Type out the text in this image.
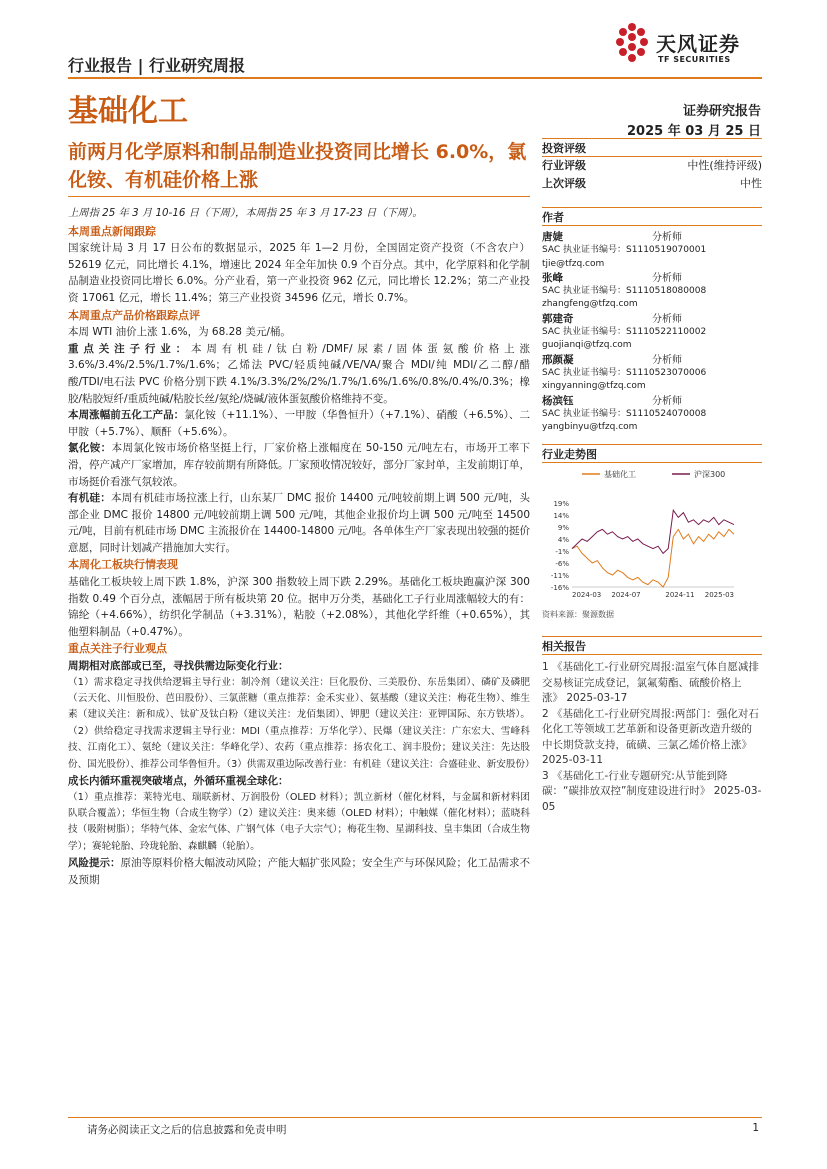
行业报告 | 行业研究周报
天风证券
TF SECURITIES
基础化工	证券研究报告
2025 年 03 月 25 日
前两月化学原料和制品制造业投资同比增长 6.0%，氯化铵、有机硅价格上涨

上周指 25 年 3 月 10-16 日（下周），本周指 25 年 3 月 17-23 日（下周）。

本周重点新闻跟踪

国家统计局 3 月 17 日公布的数据显示，2025 年 1—2 月份，全国固定资产投资（不含农户）52619 亿元，同比增长 4.1%，增速比 2024 年全年加快 0.9 个百分点。其中，化学原料和化学制品制造业投资同比增长 6.0%。分产业看，第一产业投资 962 亿元，同比增长 12.2%；第二产业投资 17061 亿元，增长 11.4%；第三产业投资 34596 亿元，增长 0.7%。

本周重点产品价格跟踪点评

本周 WTI 油价上涨 1.6%，为 68.28 美元/桶。

重点关注子行业：本周有机硅/钛白粉/DMF/尿素/固体蛋氨酸价格上涨 3.6%/3.4%/2.5%/1.7%/1.6%；乙烯法 PVC/轻质纯碱/VE/VA/聚合 MDI/纯 MDI/乙二醇/醋酸/TDI/电石法 PVC 价格分别下跌 4.1%/3.3%/2%/2%/1.7%/1.6%/1.6%/0.8%/0.4%/0.3%；橡胶/粘胶短纤/重质纯碱/粘胶长丝/氨纶/烧碱/液体蛋氨酸价格维持不变。

本周涨幅前五化工产品：氯化铵（+11.1%）、一甲胺（华鲁恒升）（+7.1%）、硝酸（+6.5%）、二甲胺（+5.7%）、顺酐（+5.6%）。

氯化铵：本周氯化铵市场价格坚挺上行，厂家价格上涨幅度在 50-150 元/吨左右，市场开工率下滑，停产减产厂家增加，库存较前期有所降低。厂家预收情况较好，部分厂家封单，主发前期订单，市场挺价看涨气氛较浓。

有机硅：本周有机硅市场拉涨上行，山东某厂 DMC 报价 14400 元/吨较前期上调 500 元/吨，头部企业 DMC 报价 14800 元/吨较前期上调 500 元/吨，其他企业报价均上调 500 元/吨至 14500 元/吨，目前有机硅市场 DMC 主流报价在 14400-14800 元/吨。各单体生产厂家表现出较强的挺价意愿，同时计划减产措施加大实行。

本周化工板块行情表现

基础化工板块较上周下跌 1.8%，沪深 300 指数较上周下跌 2.29%。基础化工板块跑赢沪深 300 指数 0.49 个百分点，涨幅居于所有板块第 20 位。据申万分类，基础化工子行业周涨幅较大的有：锦纶（+4.66%），纺织化学制品（+3.31%），粘胶（+2.08%），其他化学纤维（+0.65%），其他塑料制品（+0.47%）。

重点关注子行业观点
周期相对底部或已至，寻找供需边际变化行业：

（1）需求稳定寻找供给逻辑主导行业：制冷剂（建议关注：巨化股份、三美股份、东岳集团）、磷矿及磷肥（云天化、川恒股份、芭田股份）、三氯蔗糖（重点推荐：金禾实业）、氨基酸（建议关注：梅花生物）、维生素（建议关注：新和成）、钛矿及钛白粉（建议关注：龙佰集团）、钾肥（建议关注：亚钾国际、东方铁塔）。（2）供给稳定寻找需求逻辑主导行业：MDI（重点推荐：万华化学）、民爆（建议关注：广东宏大、雪峰科技、江南化工）、氨纶（建议关注：华峰化学）、农药（重点推荐：扬农化工、润丰股份；建议关注：先达股份、国光股份）、推荐公司华鲁恒升。（3）供需双重边际改善行业：有机硅（建议关注：合盛硅业、新安股份）

成长内循环重视突破堵点，外循环重视全球化：

（1）重点推荐：莱特光电、瑞联新材、万润股份（OLED 材料）；凯立新材（催化材料，与金属和新材料团队联合覆盖）；华恒生物（合成生物学）（2）建议关注：奥来德（OLED 材料）；中触媒（催化材料）；蓝晓科技（吸附树脂）；华特气体、金宏气体、广钢气体（电子大宗气）；梅花生物、星湖科技、皇丰集团（合成生物学）；赛轮轮胎、玲珑轮胎、森麒麟（轮胎）。

风险提示：原油等原料价格大幅波动风险；产能大幅扩张风险；安全生产与环保风险；化工品需求不及预期

投资评级
行业评级	中性(维持评级)
上次评级	中性
作者
唐婕	分析师
SAC 执业证书编号：S1110519070001
tjie@tfzq.com
张峰	分析师
SAC 执业证书编号：S1110518080008
zhangfeng@tfzq.com
郭建奇	分析师
SAC 执业证书编号：S1110522110002
guojianqi@tfzq.com
邢颜凝	分析师
SAC 执业证书编号：S1110523070006
xingyanning@tfzq.com
杨滨钰	分析师
SAC 执业证书编号：S1110524070008
yangbinyu@tfzq.com
行业走势图
基础化工	沪深300
19%
14%
9%
4%
-1%
-6%
-11%
-16%
2024-03 2024-07	2024-11 2025-03
资料来源：聚源数据
相关报告
1 《基础化工-行业研究周报:温室气体自愿减排交易核证完成登记，氯氟菊酯、硫酸价格上涨》 2025-03-17
2 《基础化工-行业研究周报:两部门：强化对石化化工等领域工艺革新和设备更新改造升级的中长期贷款支持，硫磺、三氯乙烯价格上涨》 2025-03-11
3 《基础化工-行业专题研究:从节能到降碳：“碳排放双控”制度建设进行时》 2025-03-05
请务必阅读正文之后的信息披露和免责申明	1
